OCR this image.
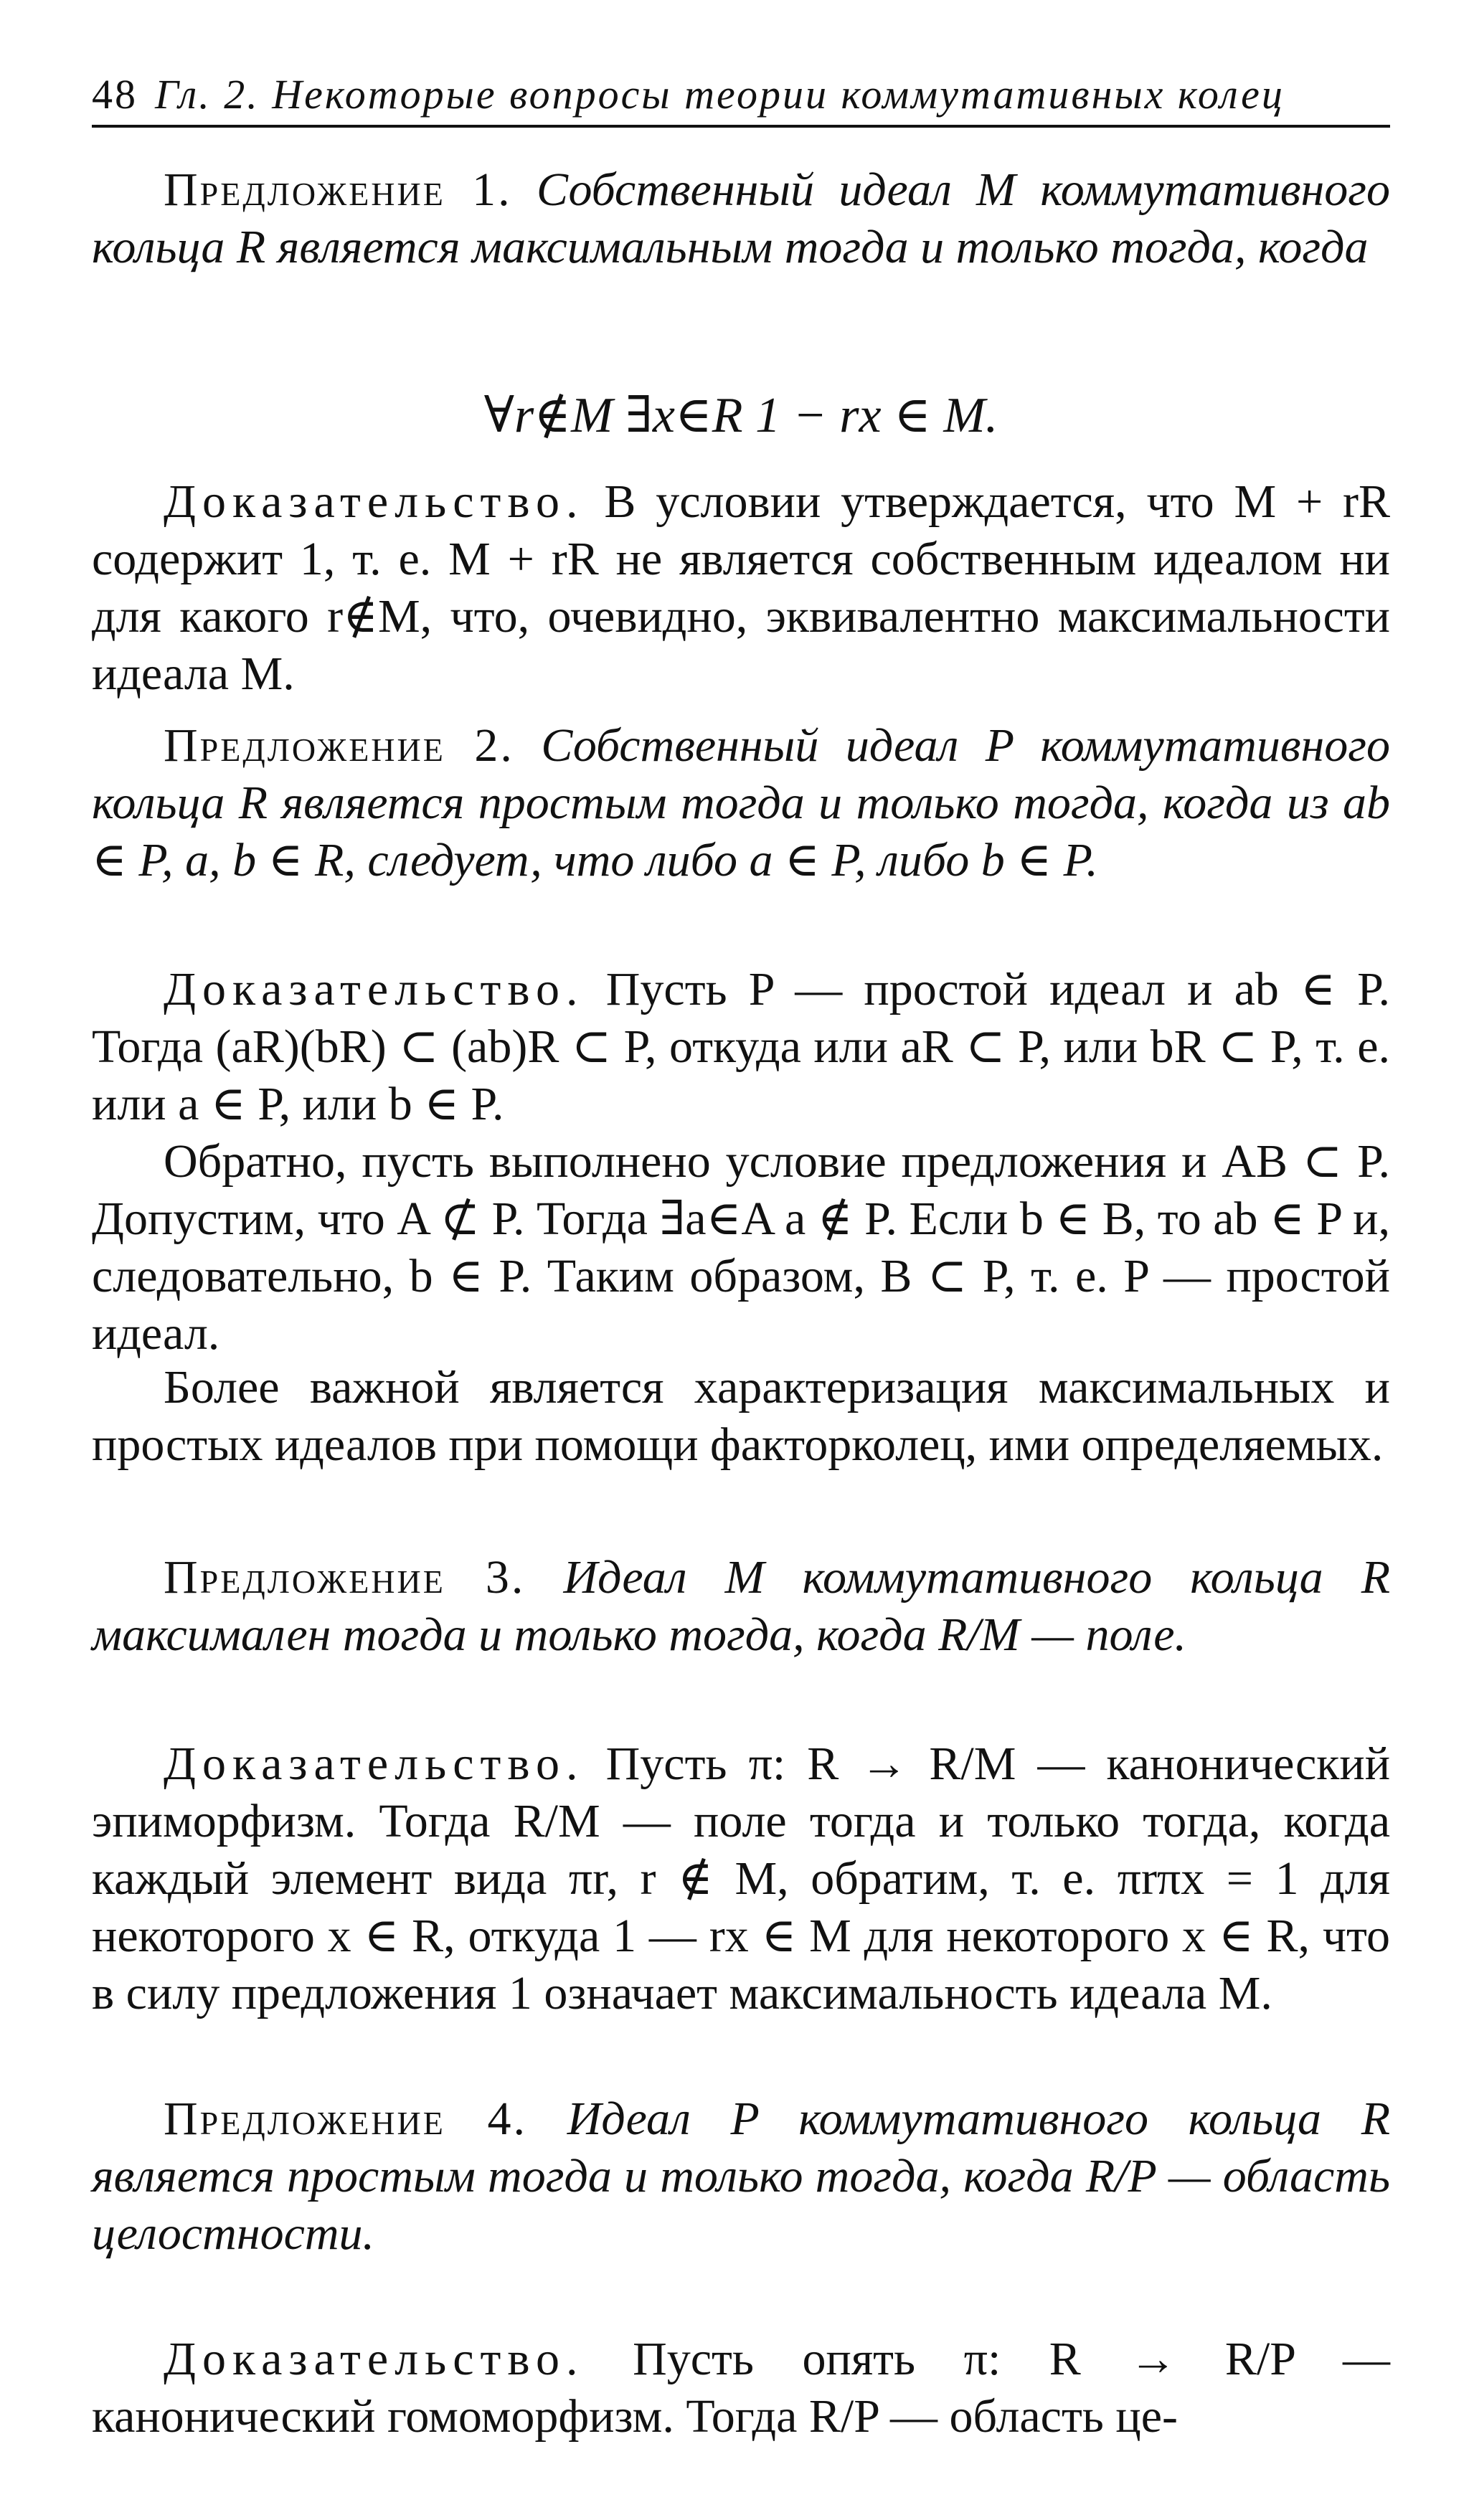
48 Гл. 2. Некоторые вопросы теории коммутативных колец

Предложение 1. Собственный идеал M коммутативного кольца R является максимальным тогда и только тогда, когда

∀r∉M ∃x∈R 1 − rx ∈ M.

Доказательство. В условии утверждается, что M + rR содержит 1, т. е. M + rR не является собственным идеалом ни для какого r∉M, что, очевидно, эквивалентно максимальности идеала M.

Предложение 2. Собственный идеал P коммутативного кольца R является простым тогда и только тогда, когда из ab ∈ P, a, b ∈ R, следует, что либо a ∈ P, либо b ∈ P.

Доказательство. Пусть P — простой идеал и ab ∈ P. Тогда (aR)(bR) ⊂ (ab)R ⊂ P, откуда или aR ⊂ P, или bR ⊂ P, т. е. или a ∈ P, или b ∈ P.

Обратно, пусть выполнено условие предложения и AB ⊂ P. Допустим, что A ⊄ P. Тогда ∃a∈A a ∉ P. Если b ∈ B, то ab ∈ P и, следовательно, b ∈ P. Таким образом, B ⊂ P, т. е. P — простой идеал.

Более важной является характеризация максимальных и простых идеалов при помощи факторколец, ими определяемых.

Предложение 3. Идеал M коммутативного кольца R максимален тогда и только тогда, когда R/M — поле.

Доказательство. Пусть π: R → R/M — канонический эпиморфизм. Тогда R/M — поле тогда и только тогда, когда каждый элемент вида πr, r ∉ M, обратим, т. е. πrπx = 1 для некоторого x ∈ R, откуда 1 — rx ∈ M для некоторого x ∈ R, что в силу предложения 1 означает максимальность идеала M.

Предложение 4. Идеал P коммутативного кольца R является простым тогда и только тогда, когда R/P — область целостности.

Доказательство. Пусть опять π: R → R/P — канонический гомоморфизм. Тогда R/P — область це-
